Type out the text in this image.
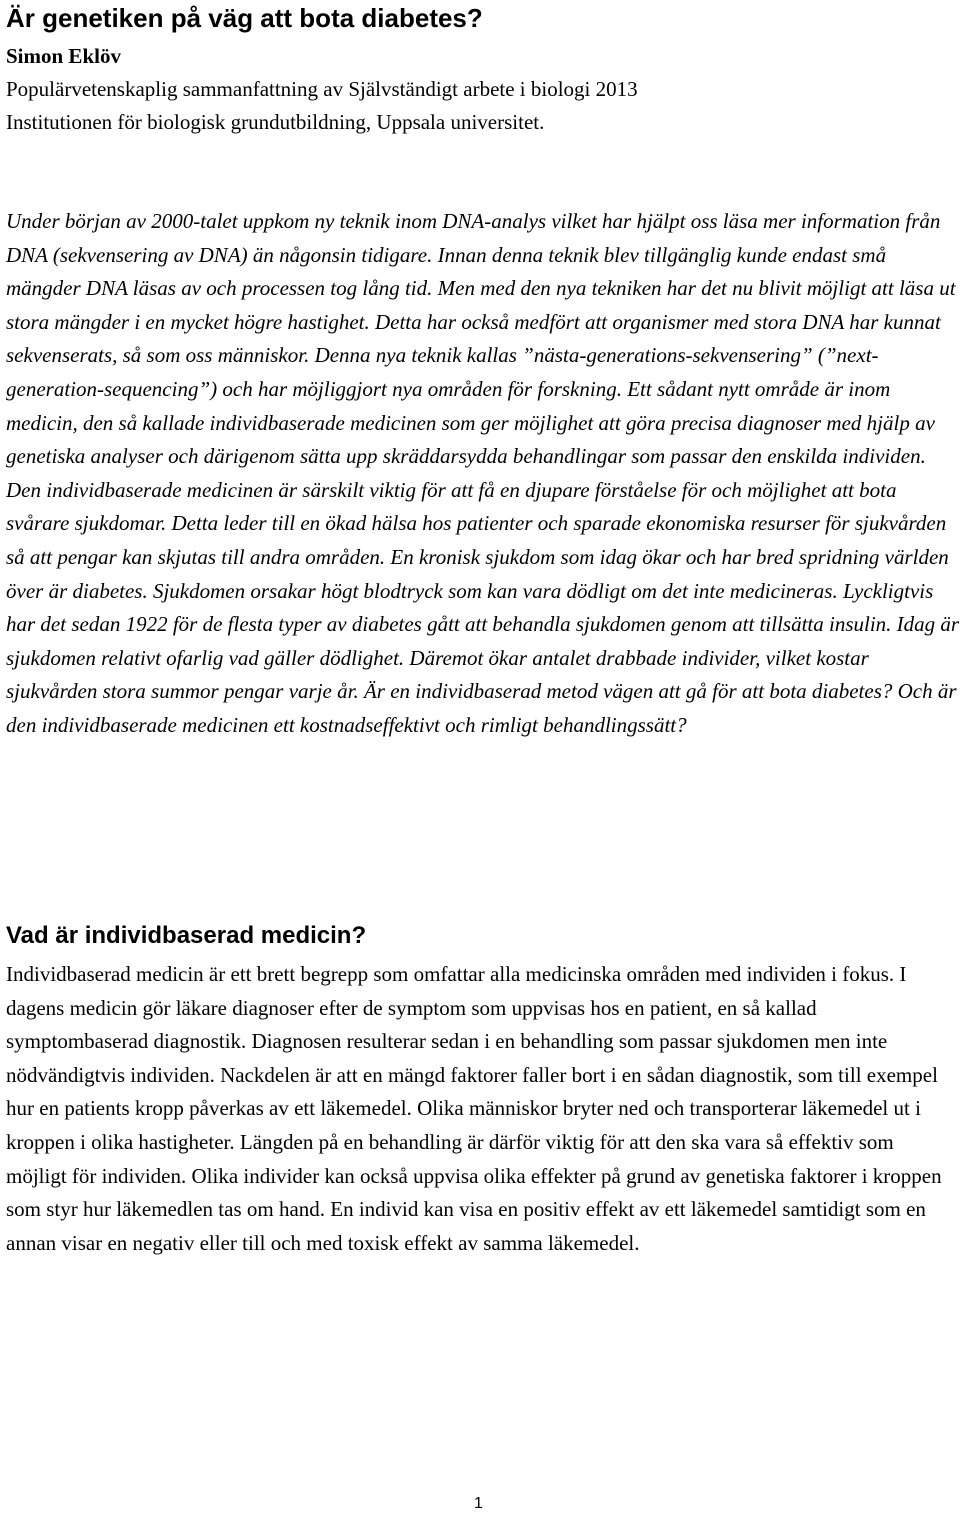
Är genetiken på väg att bota diabetes?
Simon Eklöv
Populärvetenskaplig sammanfattning av Självständigt arbete i biologi 2013
Institutionen för biologisk grundutbildning, Uppsala universitet.

Under början av 2000-talet uppkom ny teknik inom DNA-analys vilket har hjälpt oss läsa mer information från DNA (sekvensering av DNA) än någonsin tidigare. Innan denna teknik blev tillgänglig kunde endast små mängder DNA läsas av och processen tog lång tid. Men med den nya tekniken har det nu blivit möjligt att läsa ut stora mängder i en mycket högre hastighet. Detta har också medfört att organismer med stora DNA har kunnat sekvenserats, så som oss människor. Denna nya teknik kallas ”nästa-generations-sekvensering” (”next-generation-sequencing”) och har möjliggjort nya områden för forskning. Ett sådant nytt område är inom medicin, den så kallade individbaserade medicinen som ger möjlighet att göra precisa diagnoser med hjälp av genetiska analyser och därigenom sätta upp skräddarsydda behandlingar som passar den enskilda individen. Den individbaserade medicinen är särskilt viktig för att få en djupare förståelse för och möjlighet att bota svårare sjukdomar. Detta leder till en ökad hälsa hos patienter och sparade ekonomiska resurser för sjukvården så att pengar kan skjutas till andra områden. En kronisk sjukdom som idag ökar och har bred spridning världen över är diabetes. Sjukdomen orsakar högt blodtryck som kan vara dödligt om det inte medicineras. Lyckligtvis har det sedan 1922 för de flesta typer av diabetes gått att behandla sjukdomen genom att tillsätta insulin. Idag är sjukdomen relativt ofarlig vad gäller dödlighet. Däremot ökar antalet drabbade individer, vilket kostar sjukvården stora summor pengar varje år. Är en individbaserad metod vägen att gå för att bota diabetes? Och är den individbaserade medicinen ett kostnadseffektivt och rimligt behandlingssätt?

Vad är individbaserad medicin?

Individbaserad medicin är ett brett begrepp som omfattar alla medicinska områden med individen i fokus. I dagens medicin gör läkare diagnoser efter de symptom som uppvisas hos en patient, en så kallad symptombaserad diagnostik. Diagnosen resulterar sedan i en behandling som passar sjukdomen men inte nödvändigtvis individen. Nackdelen är att en mängd faktorer faller bort i en sådan diagnostik, som till exempel hur en patients kropp påverkas av ett läkemedel. Olika människor bryter ned och transporterar läkemedel ut i kroppen i olika hastigheter. Längden på en behandling är därför viktig för att den ska vara så effektiv som möjligt för individen. Olika individer kan också uppvisa olika effekter på grund av genetiska faktorer i kroppen som styr hur läkemedlen tas om hand. En individ kan visa en positiv effekt av ett läkemedel samtidigt som en annan visar en negativ eller till och med toxisk effekt av samma läkemedel.

1
